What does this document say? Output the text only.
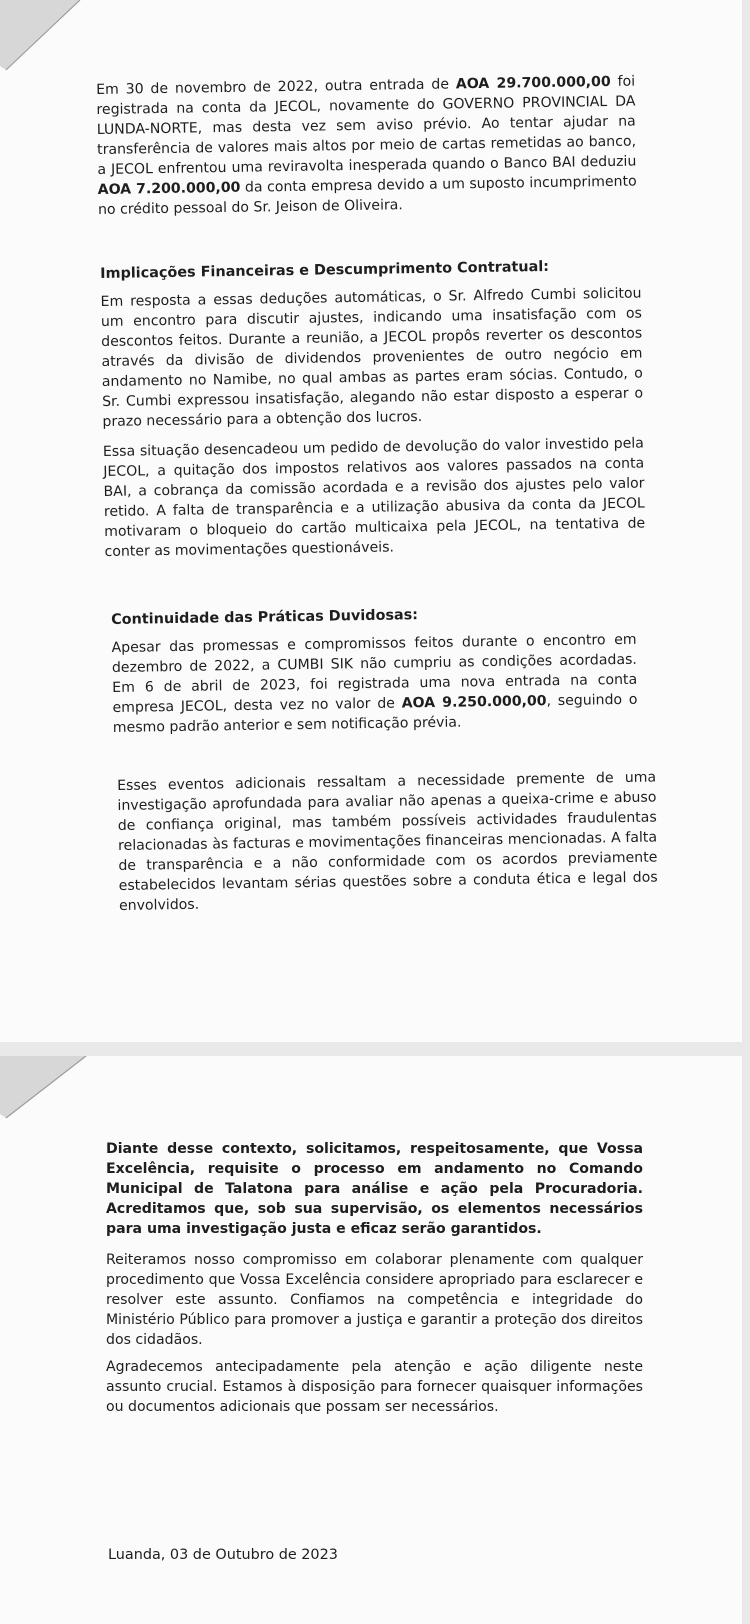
Em 30 de novembro de 2022, outra entrada de AOA 29.700.000,00 foi registrada na conta da JECOL, novamente do GOVERNO PROVINCIAL DA LUNDA-NORTE, mas desta vez sem aviso prévio. Ao tentar ajudar na transferência de valores mais altos por meio de cartas remetidas ao banco, a JECOL enfrentou uma reviravolta inesperada quando o Banco BAI deduziu AOA 7.200.000,00 da conta empresa devido a um suposto incumprimento no crédito pessoal do Sr. Jeison de Oliveira.

Implicações Financeiras e Descumprimento Contratual:

Em resposta a essas deduções automáticas, o Sr. Alfredo Cumbi solicitou um encontro para discutir ajustes, indicando uma insatisfação com os descontos feitos. Durante a reunião, a JECOL propôs reverter os descontos através da divisão de dividendos provenientes de outro negócio em andamento no Namibe, no qual ambas as partes eram sócias. Contudo, o Sr. Cumbi expressou insatisfação, alegando não estar disposto a esperar o prazo necessário para a obtenção dos lucros.

Essa situação desencadeou um pedido de devolução do valor investido pela JECOL, a quitação dos impostos relativos aos valores passados na conta BAI, a cobrança da comissão acordada e a revisão dos ajustes pelo valor retido. A falta de transparência e a utilização abusiva da conta da JECOL motivaram o bloqueio do cartão multicaixa pela JECOL, na tentativa de conter as movimentações questionáveis.

Continuidade das Práticas Duvidosas:

Apesar das promessas e compromissos feitos durante o encontro em dezembro de 2022, a CUMBI SIK não cumpriu as condições acordadas. Em 6 de abril de 2023, foi registrada uma nova entrada na conta empresa JECOL, desta vez no valor de AOA 9.250.000,00, seguindo o mesmo padrão anterior e sem notificação prévia.

Esses eventos adicionais ressaltam a necessidade premente de uma investigação aprofundada para avaliar não apenas a queixa-crime e abuso de confiança original, mas também possíveis actividades fraudulentas relacionadas às facturas e movimentações financeiras mencionadas. A falta de transparência e a não conformidade com os acordos previamente estabelecidos levantam sérias questões sobre a conduta ética e legal dos envolvidos.

Diante desse contexto, solicitamos, respeitosamente, que Vossa Excelência, requisite o processo em andamento no Comando Municipal de Talatona para análise e ação pela Procuradoria. Acreditamos que, sob sua supervisão, os elementos necessários para uma investigação justa e eficaz serão garantidos.

Reiteramos nosso compromisso em colaborar plenamente com qualquer procedimento que Vossa Excelência considere apropriado para esclarecer e resolver este assunto. Confiamos na competência e integridade do Ministério Público para promover a justiça e garantir a proteção dos direitos dos cidadãos.

Agradecemos antecipadamente pela atenção e ação diligente neste assunto crucial. Estamos à disposição para fornecer quaisquer informações ou documentos adicionais que possam ser necessários.

Luanda, 03 de Outubro de 2023
